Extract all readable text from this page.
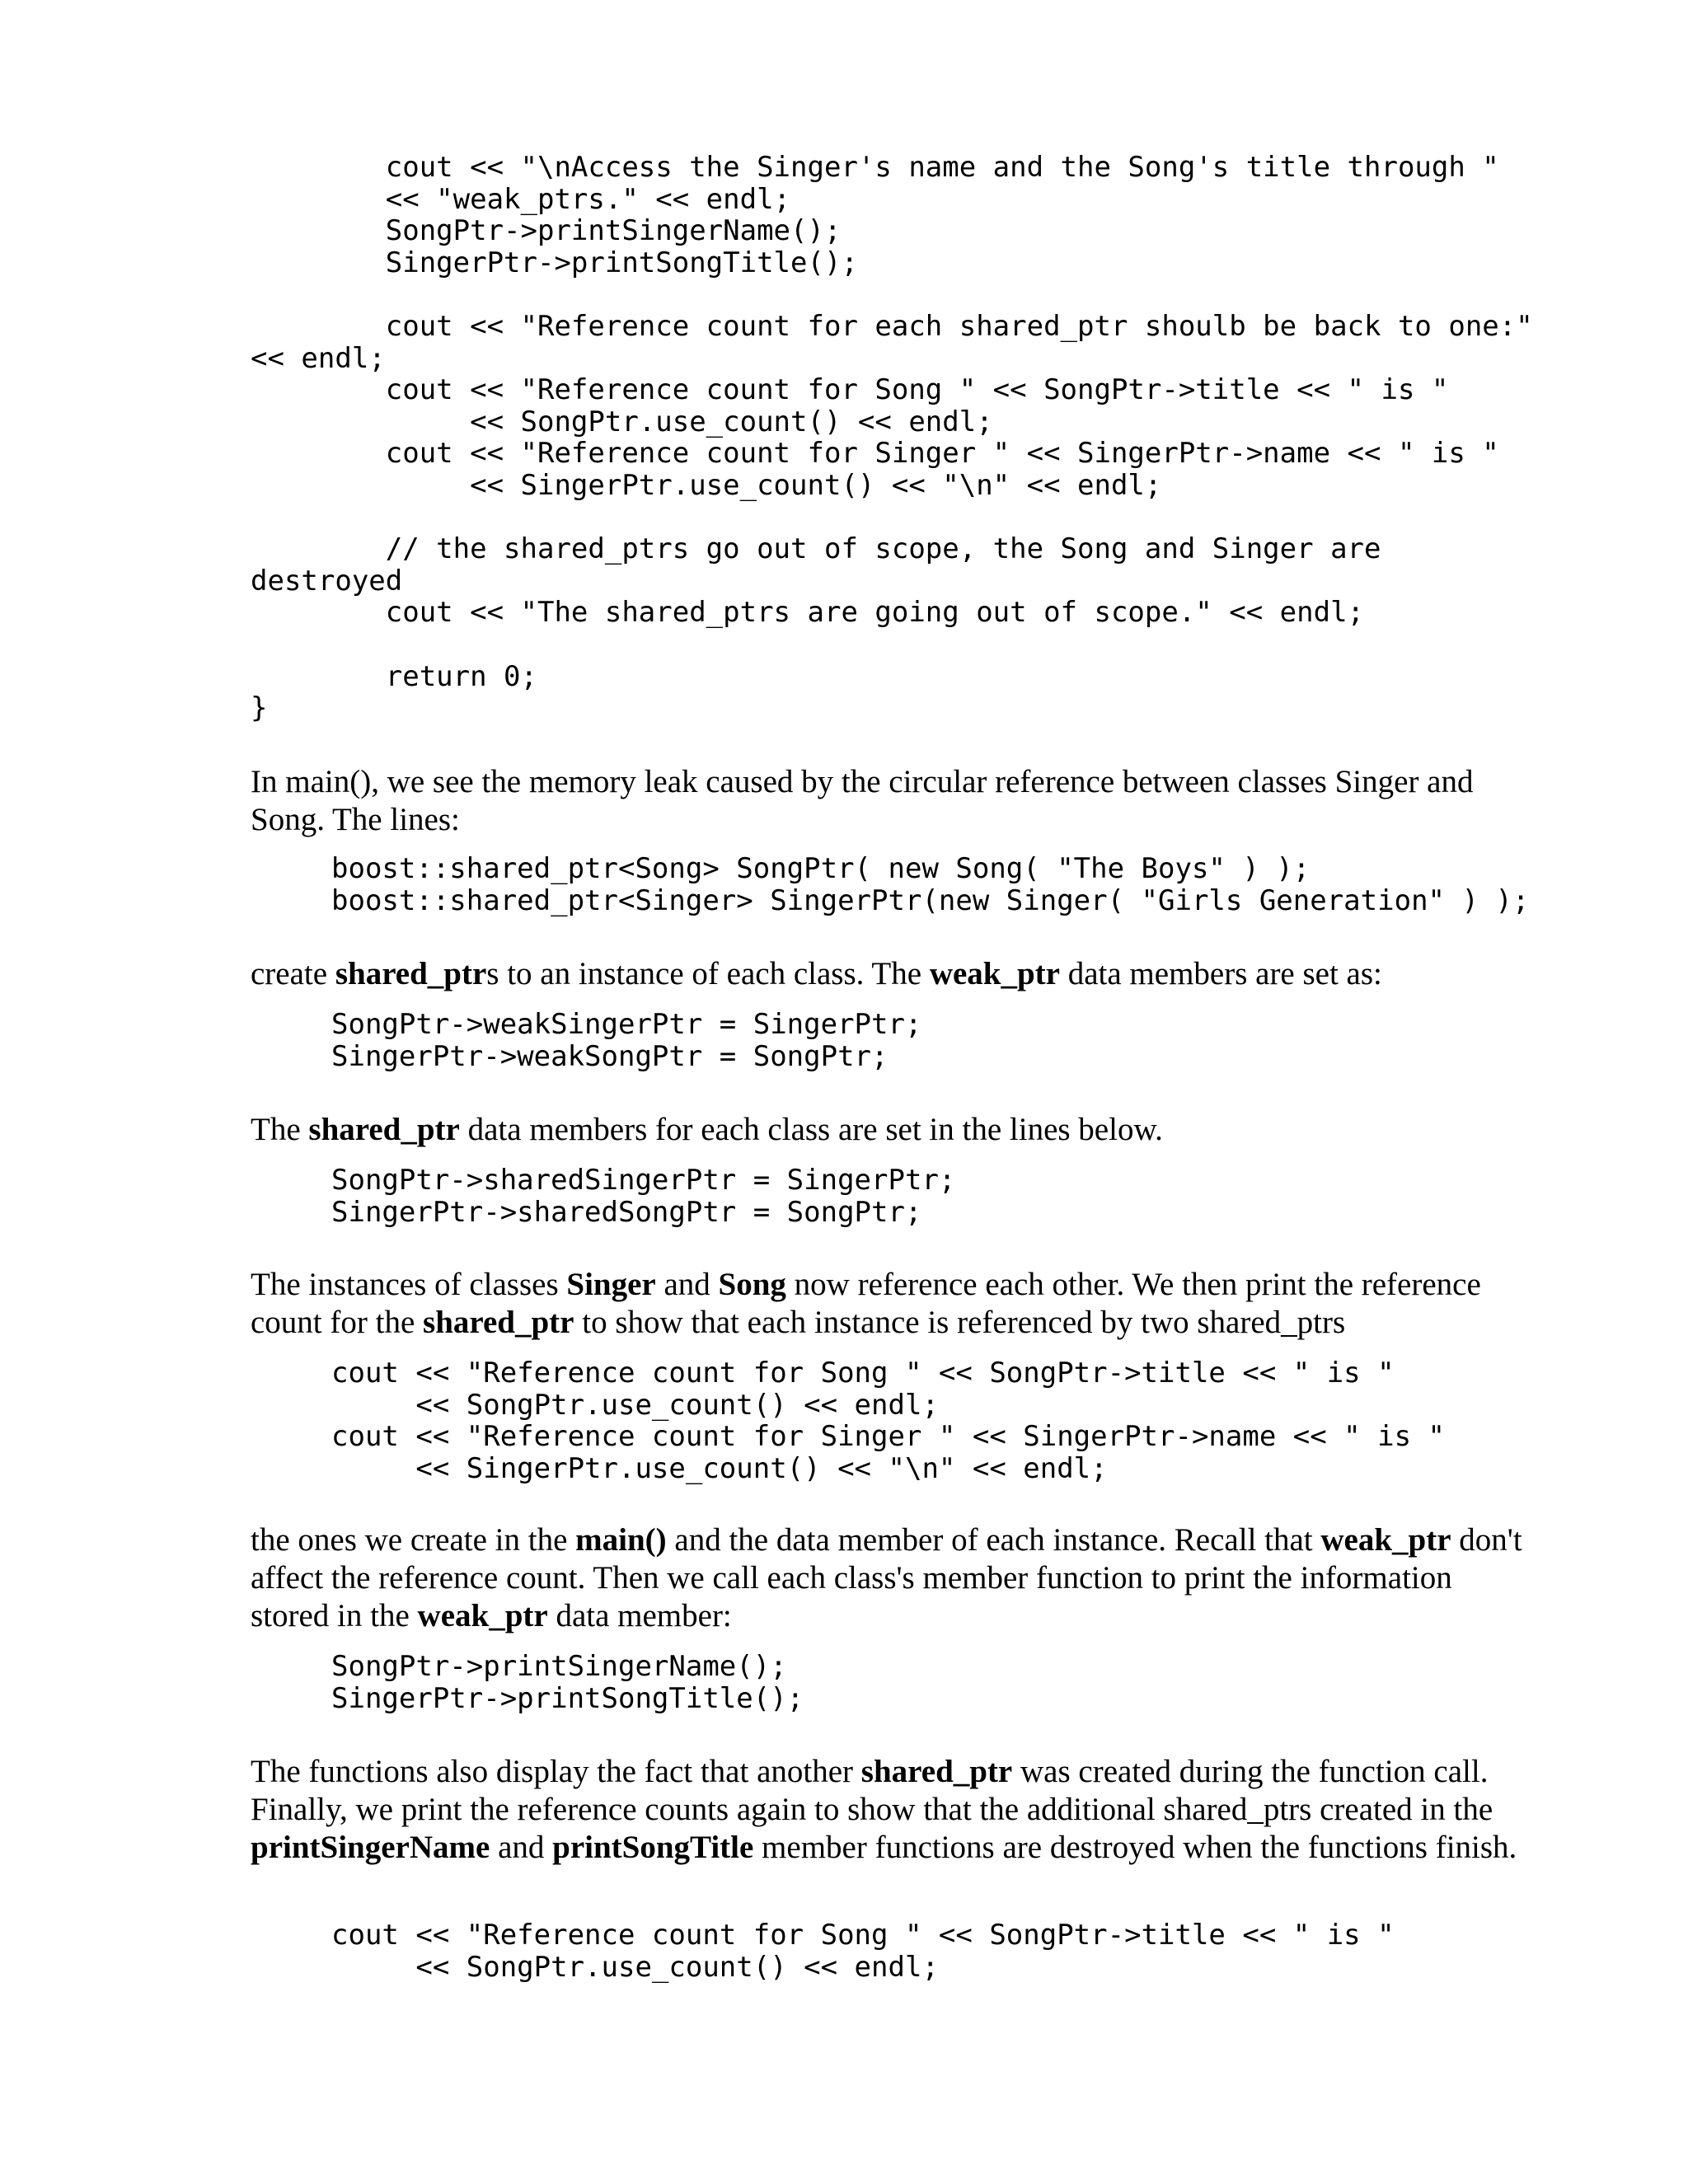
cout << "\nAccess the Singer's name and the Song's title through "
<< "weak_ptrs." << endl;
SongPtr->printSingerName();
SingerPtr->printSongTitle();

cout << "Reference count for each shared_ptr shoulb be back to one:"
<< endl;
cout << "Reference count for Song " << SongPtr->title << " is "
<< SongPtr.use_count() << endl;
cout << "Reference count for Singer " << SingerPtr->name << " is "
<< SingerPtr.use_count() << "\n" << endl;

// the shared_ptrs go out of scope, the Song and Singer are
destroyed
cout << "The shared_ptrs are going out of scope." << endl;

return 0;
}

In main(), we see the memory leak caused by the circular reference between classes Singer and Song. The lines:

boost::shared_ptr<Song> SongPtr( new Song( "The Boys" ) );
boost::shared_ptr<Singer> SingerPtr(new Singer( "Girls Generation" ) );

create shared_ptrs to an instance of each class. The weak_ptr data members are set as:

SongPtr->weakSingerPtr = SingerPtr;
SingerPtr->weakSongPtr = SongPtr;

The shared_ptr data members for each class are set in the lines below.

SongPtr->sharedSingerPtr = SingerPtr;
SingerPtr->sharedSongPtr = SongPtr;

The instances of classes Singer and Song now reference each other. We then print the reference count for the shared_ptr to show that each instance is referenced by two shared_ptrs

cout << "Reference count for Song " << SongPtr->title << " is "
<< SongPtr.use_count() << endl;
cout << "Reference count for Singer " << SingerPtr->name << " is "
<< SingerPtr.use_count() << "\n" << endl;

the ones we create in the main() and the data member of each instance. Recall that weak_ptr don't affect the reference count. Then we call each class's member function to print the information stored in the weak_ptr data member:

SongPtr->printSingerName();
SingerPtr->printSongTitle();

The functions also display the fact that another shared_ptr was created during the function call. Finally, we print the reference counts again to show that the additional shared_ptrs created in the printSingerName and printSongTitle member functions are destroyed when the functions finish.

cout << "Reference count for Song " << SongPtr->title << " is "
<< SongPtr.use_count() << endl;
